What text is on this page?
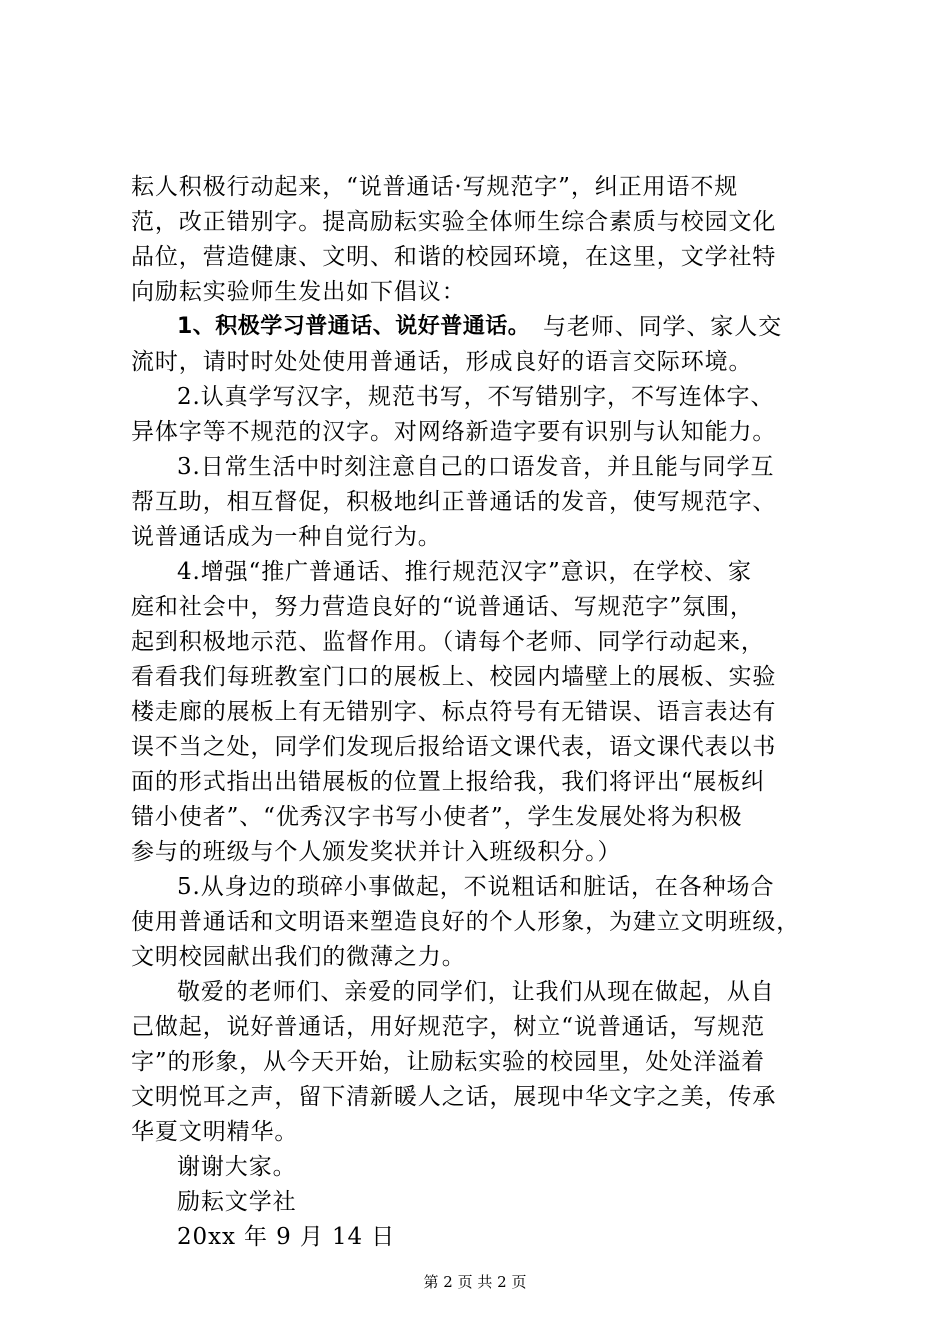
耘人积极行动起来，“说普通话·写规范字”，纠正用语不规
范，改正错别字。提高励耘实验全体师生综合素质与校园文化
品位，营造健康、文明、和谐的校园环境，在这里，文学社特
向励耘实验师生发出如下倡议：
1、积极学习普通话、说好普通话。 与老师、同学、家人交
流时，请时时处处使用普通话，形成良好的语言交际环境。
2.认真学写汉字，规范书写，不写错别字，不写连体字、
异体字等不规范的汉字。对网络新造字要有识别与认知能力。
3.日常生活中时刻注意自己的口语发音，并且能与同学互
帮互助，相互督促，积极地纠正普通话的发音，使写规范字、
说普通话成为一种自觉行为。
4.增强“推广普通话、推行规范汉字”意识，在学校、家
庭和社会中，努力营造良好的“说普通话、写规范字”氛围，
起到积极地示范、监督作用。（请每个老师、同学行动起来，
看看我们每班教室门口的展板上、校园内墙壁上的展板、实验
楼走廊的展板上有无错别字、标点符号有无错误、语言表达有
误不当之处，同学们发现后报给语文课代表，语文课代表以书
面的形式指出出错展板的位置上报给我，我们将评出“展板纠
错小使者”、“优秀汉字书写小使者”，学生发展处将为积极
参与的班级与个人颁发奖状并计入班级积分。）
5.从身边的琐碎小事做起，不说粗话和脏话，在各种场合
使用普通话和文明语来塑造良好的个人形象，为建立文明班级，
文明校园献出我们的微薄之力。
敬爱的老师们、亲爱的同学们，让我们从现在做起，从自
己做起，说好普通话，用好规范字，树立“说普通话，写规范
字”的形象，从今天开始，让励耘实验的校园里，处处洋溢着
文明悦耳之声，留下清新暖人之话，展现中华文字之美，传承
华夏文明精华。
谢谢大家。
励耘文学社
20xx 年 9 月 14 日
第 2 页 共 2 页
